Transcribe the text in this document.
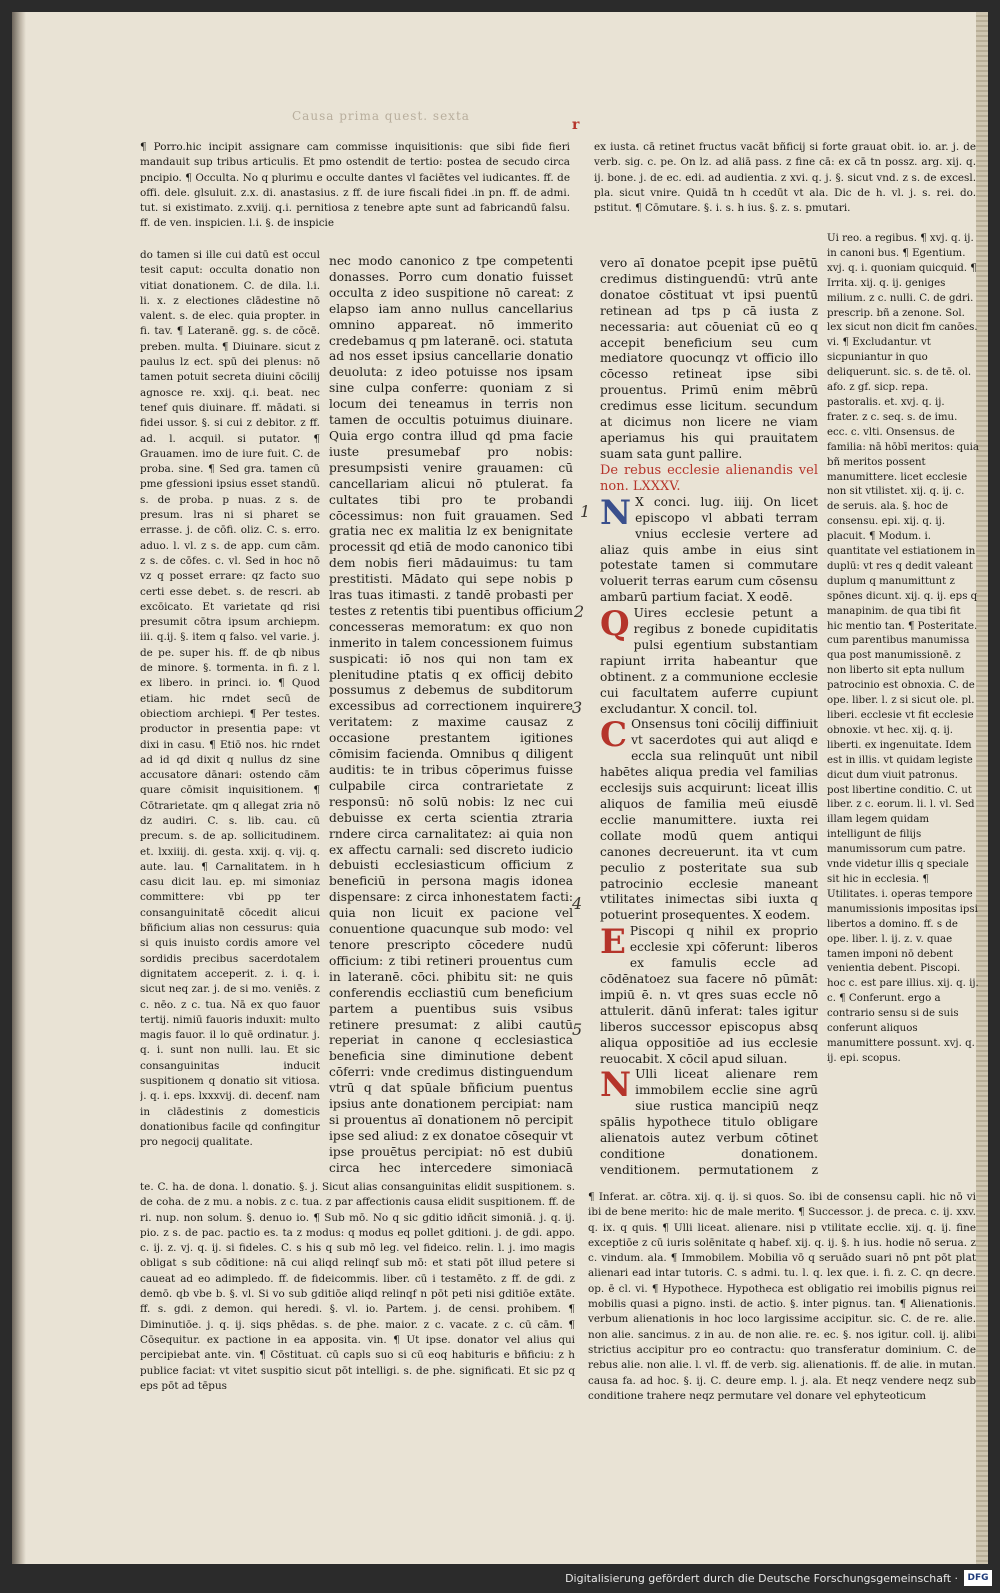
Causa prima quest. sexta
r
¶ Porro.hic incipit assignare cam commisse inquisitionis: que sibi fide fieri mandauit sup tribus articulis. Et pmo ostendit de tertio: postea de secudo circa pncipio. ¶ Occulta. No q plurimu e occulte dantes vl faciētes vel iudicantes. ff. de offi. dele. glsuluit. z.x. di. anastasius. z ff. de iure fiscali fidei .in pn. ff. de admi. tut. si existimato. z.xviij. q.i. pernitiosa z tenebre apte sunt ad fabricandū falsu. ff. de ven. inspicien. l.i. §. de inspicie
do tamen si ille cui datū est occul tesit caput: occulta donatio non vitiat donationem. C. de dila. l.i. li. x. z electiones clādestine nō valent. s. de elec. quia propter. in fi. tav. ¶ Lateranē. gg. s. de cōcē. preben. multa. ¶ Diuinare. sicut z paulus lz ect. spū dei plenus: nō tamen potuit secreta diuini cōcilij agnosce re. xxij. q.i. beat. nec tenef quis diuinare. ff. mādati. si fidei ussor. §. si cui z debitor. z ff. ad. l. acquil. si putator. ¶ Grauamen. imo de iure fuit. C. de proba. sine. ¶ Sed gra. tamen cū pme gfessioni ipsius esset standū. s. de proba. p nuas. z s. de presum. lras ni si pharet se errasse. j. de cōfi. oliz. C. s. erro. aduo. l. vl. z s. de app. cum cām. z s. de cōfes. c. vl. Sed in hoc nō vz q posset errare: qz facto suo certi esse debet. s. de rescri. ab excōicato. Et varietate qd risi presumit cōtra ipsum archiepm. iii. q.ij. §. item q falso. vel varie. j. de pe. super his. ff. de qb nibus de minore. §. tormenta. in fi. z l. ex libero. in princi. io. ¶ Quod etiam. hic rndet secū de obiectiom archiepi. ¶ Per testes. productor in presentia pape: vt dixi in casu. ¶ Etiō nos. hic rndet ad id qd dixit q nullus dz sine accusatore dānari: ostendo cām quare cōmisit inquisitionem. ¶ Cōtrarietate. qm q allegat zria nō dz audiri. C. s. lib. cau. cū precum. s. de ap. sollicitudinem. et. lxxiiij. di. gesta. xxij. q. vij. q. aute. lau. ¶ Carnalitatem. in h casu dicit lau. ep. mi simoniaz committere: vbi pp ter consanguinitatē cōcedit alicui bñficium alias non cessurus: quia si quis inuisto cordis amore vel sordidis precibus sacerdotalem dignitatem acceperit. z. i. q. i. sicut neq zar. j. de si mo. veniēs. z c. nēo. z c. tua. Nā ex quo fauor tertij. nimiū fauoris induxit: multo magis fauor. il lo quē ordinatur. j. q. i. sunt non nulli. lau. Et sic consanguinitas inducit suspitionem q donatio sit vitiosa. j. q. i. eps. lxxxvij. di. decenf. nam in clādestinis z domesticis donationibus facile qd confingitur pro negocij qualitate.
nec modo canonico z tpe competenti donasses. Porro cum donatio fuisset occulta z ideo suspitione nō careat: z elapso iam anno nullus cancellarius omnino appareat. nō immerito credebamus q pm lateranē. oci. statuta ad nos esset ipsius cancellarie donatio deuoluta: z ideo potuisse nos ipsam sine culpa conferre: quoniam z si locum dei teneamus in terris non tamen de occultis potuimus diuinare. Quia ergo contra illud qd pma facie iuste presumebaf pro nobis: presumpsisti venire grauamen: cū cancellariam alicui nō ptulerat. fa cultates tibi pro te probandi cōcessimus: non fuit grauamen. Sed gratia nec ex malitia lz ex benignitate processit qd etiā de modo canonico tibi dem nobis fieri mādauimus: tu tam prestitisti. Mādato qui sepe nobis p lras tuas itimasti. z tandē probasti per testes z retentis tibi puentibus officium concesseras memoratum: ex quo non inmerito in talem concessionem fuimus suspicati: iō nos qui non tam ex plenitudine ptatis q ex officij debito possumus z debemus de subditorum excessibus ad correctionem inquirere veritatem: z maxime causaz z occasione prestantem igitiones cōmisim facienda. Omnibus q diligent auditis: te in tribus cōperimus fuisse culpabile circa contrarietate z responsū: nō solū nobis: lz nec cui debuisse ex certa scientia ztraria rndere circa carnalitatez: ai quia non ex affectu carnali: sed discreto iudicio debuisti ecclesiasticum officium z beneficiū in persona magis idonea dispensare: z circa inhonestatem facti: quia non licuit ex pacione vel conuentione quacunque sub modo: vel tenore prescripto cōcedere nudū officium: z tibi retineri prouentus cum in lateranē. cōci. phibitu sit: ne quis conferendis eccliastiū cum beneficium partem a puentibus suis vsibus retinere presumat: z alibi cautū reperiat in canone q ecclesiastica beneficia sine diminutione debent cōferri: vnde credimus distinguendum vtrū q dat spūale bñficium puentus ipsius ante donationem percipiat: nam si prouentus aī donationem nō percipit ipse sed aliud: z ex donatoe cōsequir vt ipse prouētus percipiat: nō est dubiū circa hec intercedere simoniacā
ex iusta. cā retinet fructus vacāt bñficij si forte grauat obit. io. ar. j. de verb. sig. c. pe. On lz. ad aliā pass. z fine cā: ex cā tn possz. arg. xij. q. ij. bone. j. de ec. edi. ad audientia. z xvi. q. j. §. sicut vnd. z s. de excesl. pla. sicut vnire. Quidā tn h ccedūt vt ala. Dic de h. vl. j. s. rei. do. pstitut. ¶ Cōmutare. §. i. s. h ius. §. z. s. pmutari.

vero aī donatoe pcepit ipse puētū credimus distinguendū: vtrū ante donatoe cōstituat vt ipsi puentū retinean ad tps p cā iusta z necessaria: aut cōueniat cū eo q accepit beneficium seu cum mediatore quocunqz vt officio illo cōcesso retineat ipse sibi prouentus. Primū enim mēbrū credimus esse licitum. secundum at dicimus non licere ne viam aperiamus his qui prauitatem suam sata gunt pallire.

De rebus ecclesie alienandis vel non. LXXXV.

N X conci. lug. iiij. On licet episcopo vl abbati terram vnius ecclesie vertere ad aliaz quis ambe in eius sint potestate tamen si commutare voluerit terras earum cum cōsensu ambarū partium faciat. X eodē.

Q Uires ecclesie petunt a regibus z bonede cupiditatis pulsi egentium substantiam rapiunt irrita habeantur que obtinent. z a communione ecclesie cui facultatem auferre cupiunt excludantur. X concil. tol.

C Onsensus toni cōcilij diffiniuit vt sacerdotes qui aut aliqd e eccla sua relinquūt unt nibil habētes aliqua predia vel familias ecclesijs suis acquirunt: liceat illis aliquos de familia meū eiusdē ecclie manumittere. iuxta rei collate modū quem antiqui canones decreuerunt. ita vt cum peculio z posteritate sua sub patrocinio ecclesie maneant vtilitates inimectas sibi iuxta q potuerint prosequentes. X eodem.

E Piscopi q nihil ex proprio ecclesie xpi cōferunt: liberos ex famulis eccle ad cōdēnatoez sua facere nō pūmāt: impiū ē. n. vt qres suas eccle nō attulerit. dānū inferat: tales igitur liberos successor episcopus absq aliqua oppositiōe ad ius ecclesie reuocabit. X cōcil apud siluan.

N Ulli liceat alienare rem immobilem ecclie sine agrū siue rustica mancipiū neqz spālis hypothece titulo obligare alienatois autez verbum cōtinet conditione donationem. venditionem. permutationem z

Ui reo. a regibus. ¶ xvj. q. ij. in canoni bus. ¶ Egentium. xvj. q. i. quoniam quicquid. ¶ Irrita. xij. q. ij. geniges milium. z c. nulli. C. de gdri. prescrip. bñ a zenone. Sol. lex sicut non dicit fm canōes. vi. ¶ Excludantur. vt sicpuniantur in quo deliquerunt. sic. s. de tē. ol. afo. z gf. sicp. repa. pastoralis. et. xvj. q. ij. frater. z c. seq. s. de imu. ecc. c. vlti. Onsensus. de familia: nā hōbī meritos: quia bñ meritos possent manumittere. licet ecclesie non sit vtilistet. xij. q. ij. c. de seruis. ala. §. hoc de consensu. epi. xij. q. ij. placuit. ¶ Modum. i. quantitate vel estiationem in duplū: vt res q dedit valeant duplum q manumittunt z spōnes dicunt. xij. q. ij. eps q manapinim. de qua tibi fit hic mentio tan. ¶ Posteritate. cum parentibus manumissa qua post manumissionē. z non liberto sit epta nullum patrocinio est obnoxia. C. de ope. liber. l. z si sicut ole. pl. liberi. ecclesie vt fit ecclesie obnoxie. vt hec. xij. q. ij. liberti. ex ingenuitate. Idem est in illis. vt quidam legiste dicut dum viuit patronus. post libertine conditio. C. ut liber. z c. eorum. li. l. vl. Sed illam legem quidam intelligunt de filijs manumissorum cum patre. vnde videtur illis q speciale sit hic in ecclesia. ¶ Utilitates. i. operas tempore manumissionis impositas ipsi libertos a domino. ff. s de ope. liber. l. ij. z. v. quae tamen imponi nō debent venientia debent. Piscopi. hoc c. est pare illius. xij. q. ij. c. ¶ Conferunt. ergo a contrario sensu si de suis conferunt aliquos manumittere possunt. xvj. q. ij. epi. scopus.
1
2
3
4
5
te. C. ha. de dona. l. donatio. §. j. Sicut alias consanguinitas elidit suspitionem. s. de coha. de z mu. a nobis. z c. tua. z par affectionis causa elidit suspitionem. ff. de ri. nup. non solum. §. denuo io. ¶ Sub mō. No q sic gditio idñcit simoniā. j. q. ij. pio. z s. de pac. pactio es. ta z modus: q modus eq pollet gditioni. j. de gdi. appo. c. ij. z. vj. q. ij. si fideles. C. s his q sub mō leg. vel fideico. relin. l. j. imo magis obligat s sub cōditione: nā cui aliqd relinqf sub mō: et stati pōt illud petere si caueat ad eo adimpledo. ff. de fideicommis. liber. cū i testamēto. z ff. de gdi. z demō. qb vbe b. §. vl. Si vo sub gditiōe aliqd relinqf n pōt peti nisi gditiōe extāte. ff. s. gdi. z demon. qui heredi. §. vl. io. Partem. j. de censi. prohibem. ¶ Diminutiōe. j. q. ij. siqs phēdas. s. de phe. maior. z c. vacate. z c. cū cām. ¶ Cōsequitur. ex pactione in ea apposita. vin. ¶ Ut ipse. donator vel alius qui percipiebat ante. vin. ¶ Cōstituat. cū capls suo si cū eoq habituris e bñficiu: z h publice faciat: vt vitet suspitio sicut pōt intelligi. s. de phe. significati. Et sic pz q eps pōt ad tēpus
¶ Inferat. ar. cōtra. xij. q. ij. si quos. So. ibi de consensu capli. hic nō vi ibi de bene merito: hic de male merito. ¶ Successor. j. de preca. c. ij. xxv. q. ix. q quis. ¶ Ulli liceat. alienare. nisi p vtilitate ecclie. xij. q. ij. fine exceptiōe z cū iuris solēnitate q habef. xij. q. ij. §. h ius. hodie nō serua. z c. vindum. ala. ¶ Immobilem. Mobilia vō q seruādo suari nō pnt pōt plat alienari ead intar tutoris. C. s admi. tu. l. q. lex que. i. fi. z. C. qn decre. op. ē cl. vi. ¶ Hypothece. Hypotheca est obligatio rei imobilis pignus rei mobilis quasi a pigno. insti. de actio. §. inter pignus. tan. ¶ Alienationis. verbum alienationis in hoc loco largissime accipitur. sic. C. de re. alie. non alie. sancimus. z in au. de non alie. re. ec. §. nos igitur. coll. ij. alibi strictius accipitur pro eo contractu: quo transferatur dominium. C. de rebus alie. non alie. l. vl. ff. de verb. sig. alienationis. ff. de alie. in mutan. causa fa. ad hoc. §. ij. C. deure emp. l. j. ala. Et neqz vendere neqz sub conditione trahere neqz permutare vel donare vel ephyteoticum
Digitalisierung gefördert durch die Deutsche Forschungsgemeinschaft ·	DFG
